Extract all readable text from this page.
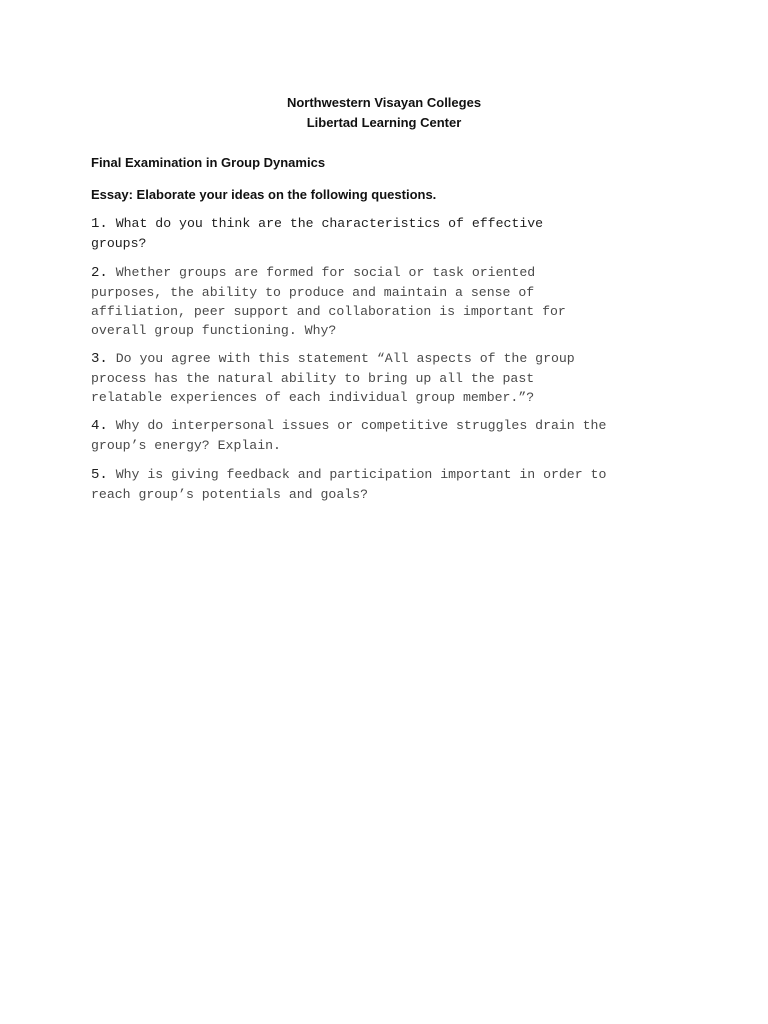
Northwestern Visayan Colleges
Libertad Learning Center
Final Examination in Group Dynamics
Essay: Elaborate your ideas on the following questions.
1. What do you think are the characteristics of effective
groups?
2. Whether groups are formed for social or task oriented
purposes, the ability to produce and maintain a sense of
affiliation, peer support and collaboration is important for
overall group functioning. Why?
3. Do you agree with this statement “All aspects of the group
process has the natural ability to bring up all the past
relatable experiences of each individual group member.”?
4. Why do interpersonal issues or competitive struggles drain the
group’s energy? Explain.
5. Why is giving feedback and participation important in order to
reach group’s potentials and goals?
